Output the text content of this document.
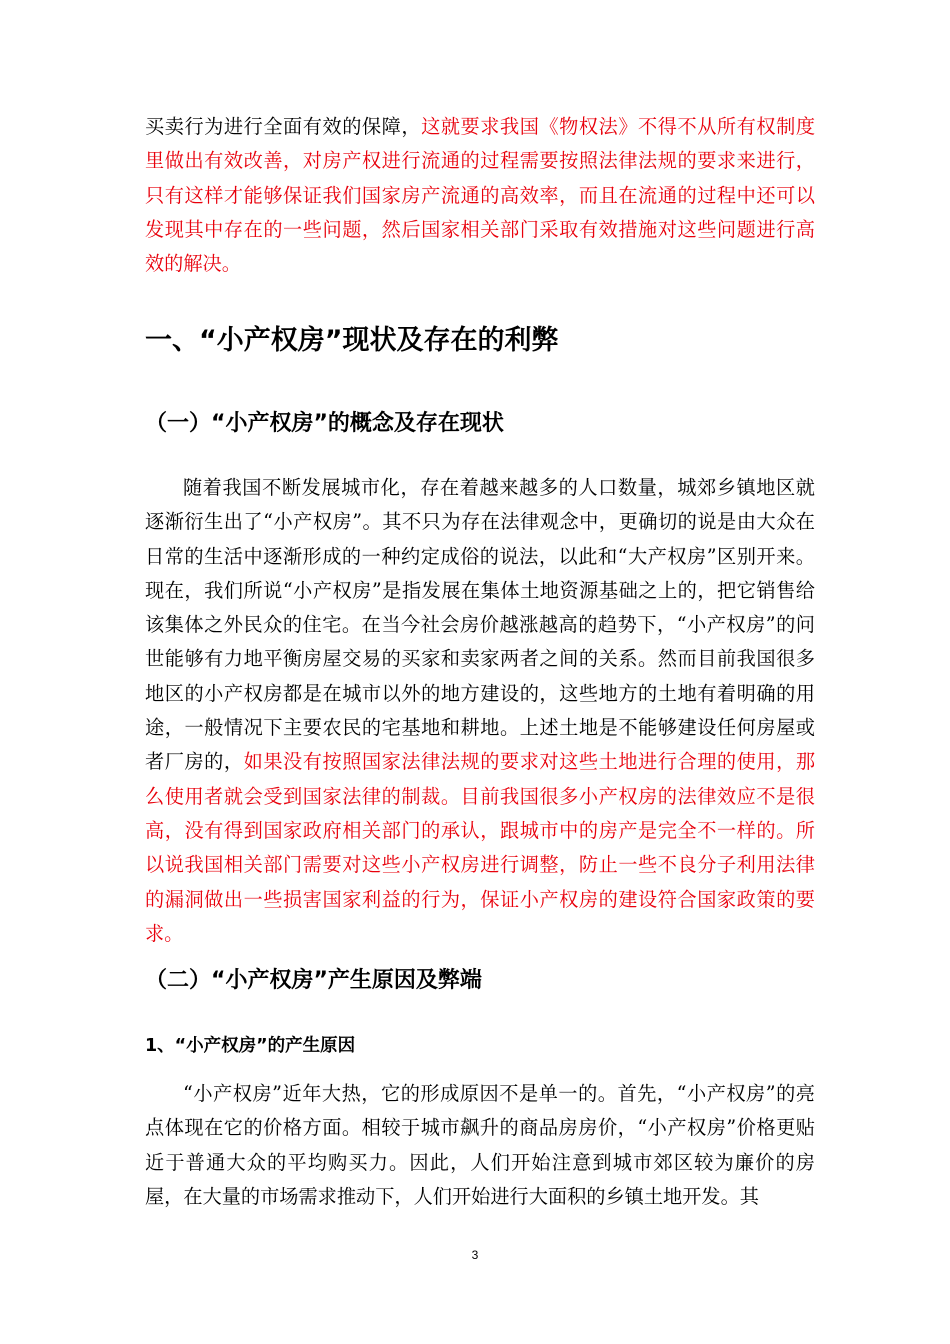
买卖行为进行全面有效的保障，这就要求我国《物权法》不得不从所有权制度里做出有效改善，对房产权进行流通的过程需要按照法律法规的要求来进行，只有这样才能够保证我们国家房产流通的高效率，而且在流通的过程中还可以发现其中存在的一些问题，然后国家相关部门采取有效措施对这些问题进行高效的解决。

一、“小产权房”现状及存在的利弊
（一）“小产权房”的概念及存在现状

随着我国不断发展城市化，存在着越来越多的人口数量，城郊乡镇地区就逐渐衍生出了“小产权房”。其不只为存在法律观念中，更确切的说是由大众在日常的生活中逐渐形成的一种约定成俗的说法，以此和“大产权房”区别开来。现在，我们所说“小产权房”是指发展在集体土地资源基础之上的，把它销售给该集体之外民众的住宅。在当今社会房价越涨越高的趋势下，“小产权房”的问世能够有力地平衡房屋交易的买家和卖家两者之间的关系。然而目前我国很多地区的小产权房都是在城市以外的地方建设的，这些地方的土地有着明确的用途，一般情况下主要农民的宅基地和耕地。上述土地是不能够建设任何房屋或者厂房的，如果没有按照国家法律法规的要求对这些土地进行合理的使用，那么使用者就会受到国家法律的制裁。目前我国很多小产权房的法律效应不是很高，没有得到国家政府相关部门的承认，跟城市中的房产是完全不一样的。所以说我国相关部门需要对这些小产权房进行调整，防止一些不良分子利用法律的漏洞做出一些损害国家利益的行为，保证小产权房的建设符合国家政策的要求。

（二）“小产权房”产生原因及弊端
1、“小产权房”的产生原因

“小产权房”近年大热，它的形成原因不是单一的。首先，“小产权房”的亮点体现在它的价格方面。相较于城市飙升的商品房房价，“小产权房”价格更贴近于普通大众的平均购买力。因此，人们开始注意到城市郊区较为廉价的房屋，在大量的市场需求推动下，人们开始进行大面积的乡镇土地开发。其

3
